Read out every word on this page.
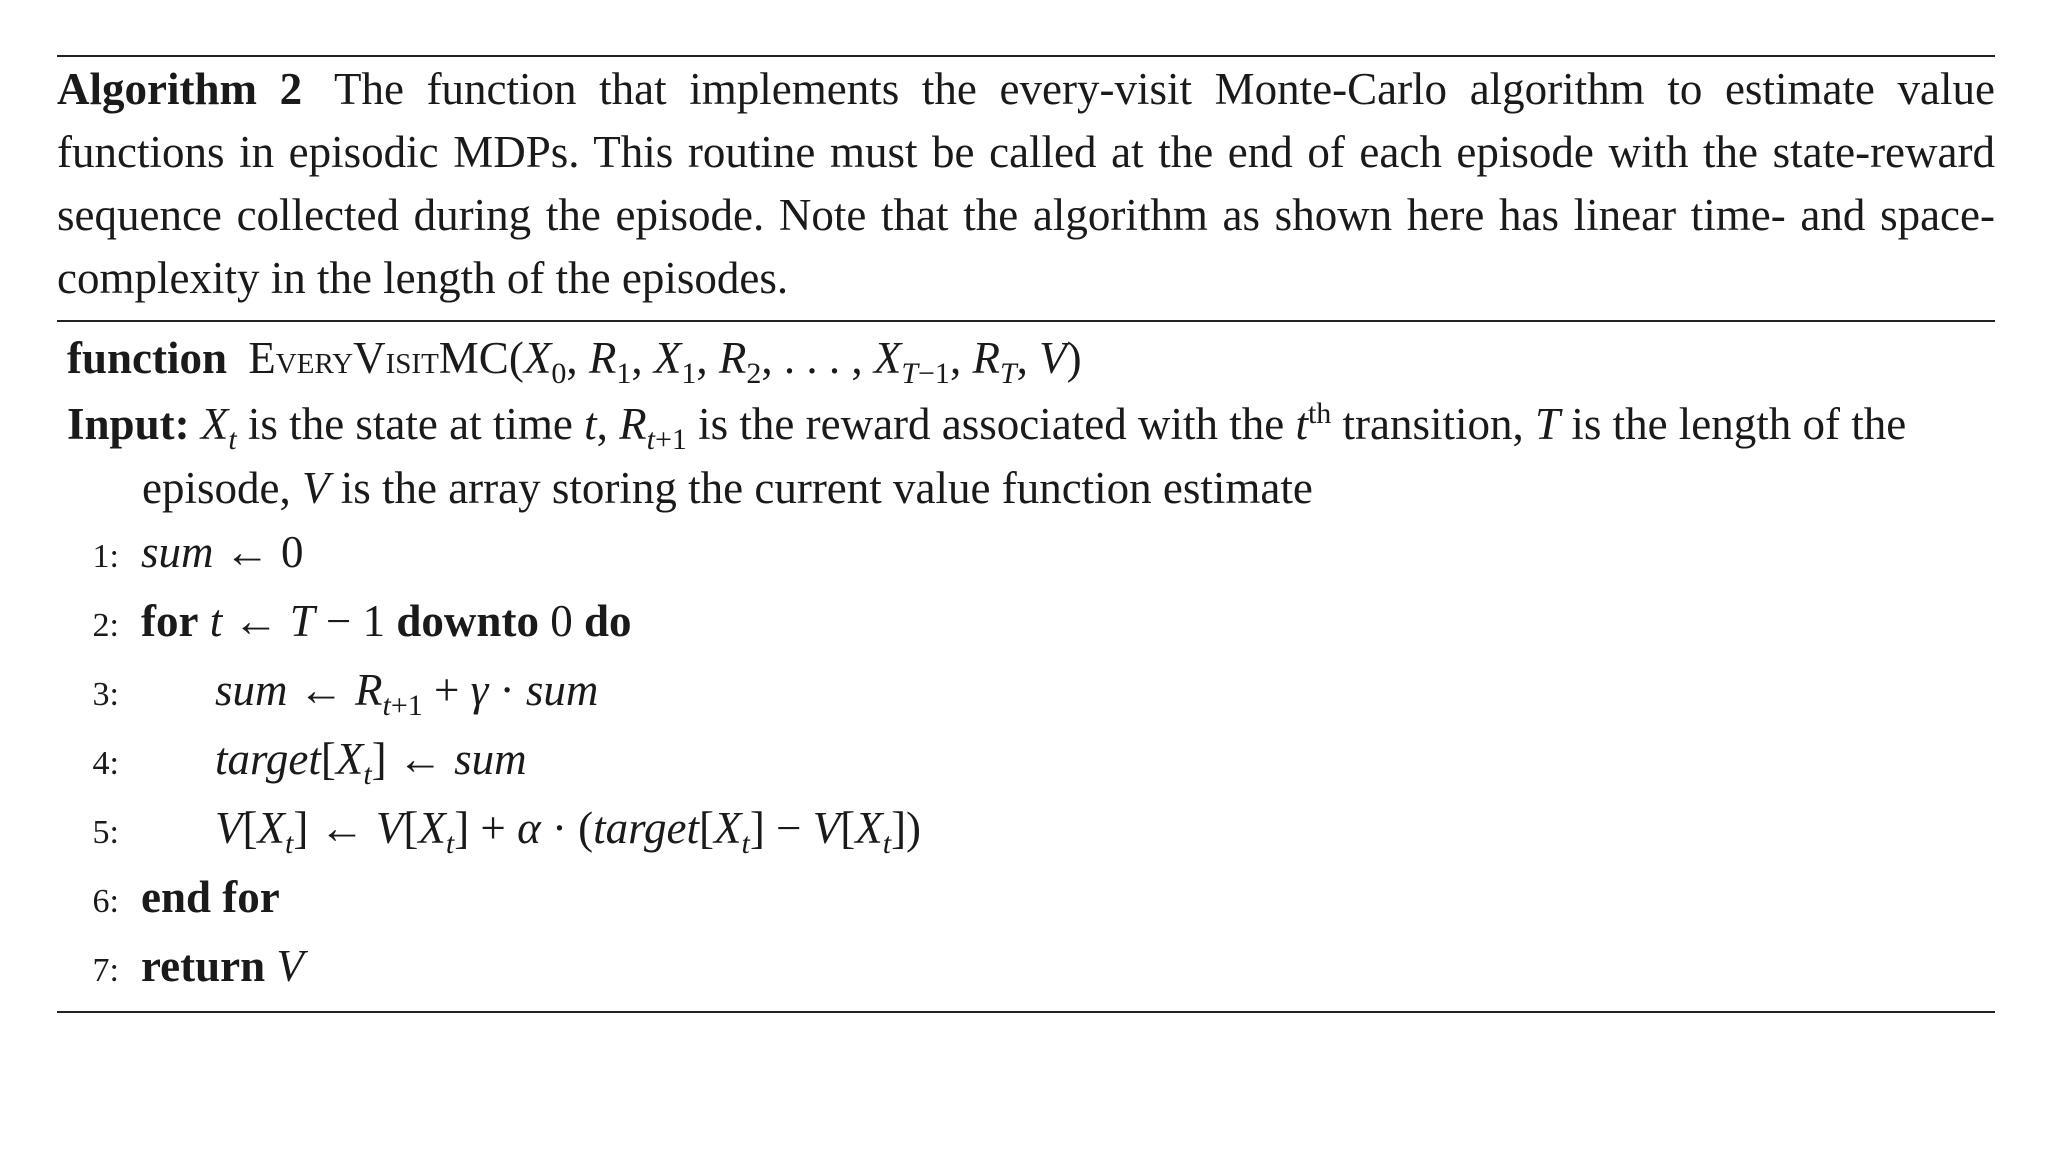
Algorithm 2 The function that implements the every-visit Monte-Carlo algorithm to estimate value functions in episodic MDPs. This routine must be called at the end of each episode with the state-reward sequence collected during the episode. Note that the algorithm as shown here has linear time- and space-complexity in the length of the episodes.
function $EveryVisitMC(X_0$, $R_1$, $X_1$, $R_2$, . . . , $X_{T-1}$, $R_T$, V)
Input: $X_t$ is the state at time t, $R_{t+1}$ is the reward associated with the $t^{th}$ transition, T is the length of the episode, V is the array storing the current value function estimate
1: sum ← 0
2: for t ← T − 1 downto 0 do
3:	sum ← $R_{t+1} + \gamma$ · sum
4:	$target[X_t]$ ← sum
5:	$V[X_t]$ ← $V[X_t] + \alpha$ · $(target[X_t] - V[X_t])$
6: end for
7: return V
